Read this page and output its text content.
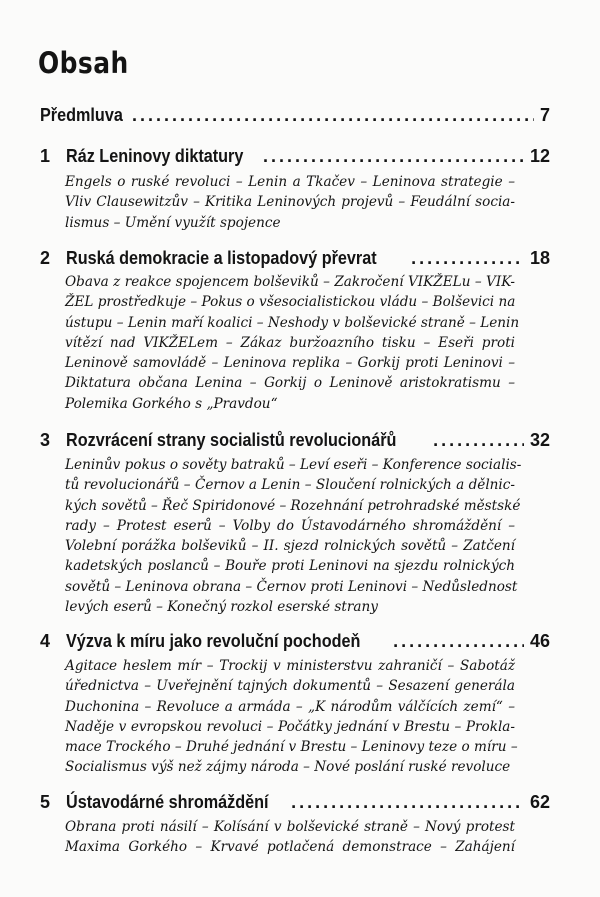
Obsah
Předmluva . . .	7
1 Ráz Leninovy diktatury . . .	12
Engels o ruské revoluci – Lenin a Tkačev – Leninova strategie –
Vliv Clausewitzův – Kritika Leninových projevů – Feudální socia-
lismus – Umění využít spojence
2 Ruská demokracie a listopadový převrat . . .	18
Obava z reakce spojencem bolševiků – Zakročení VIKŽELu – VIK-
ŽEL prostředkuje – Pokus o všesocialistickou vládu – Bolševici na
ústupu – Lenin maří koalici – Neshody v bolševické straně – Lenin
vítězí nad VIKŽELem – Zákaz buržoazního tisku – Eseři proti
Leninově samovládě – Leninova replika – Gorkij proti Leninovi –
Diktatura občana Lenina – Gorkij o Leninově aristokratismu –
Polemika Gorkého s „Pravdou“
3 Rozvrácení strany socialistů revolucionářů . . .	32
Leninův pokus o sověty batraků – Leví eseři – Konference socialis-
tů revolucionářů – Černov a Lenin – Sloučení rolnických a dělnic-
kých sovětů – Řeč Spiridonové – Rozehnání petrohradské městské
rady – Protest eserů – Volby do Ústavodárného shromáždění –
Volební porážka bolševiků – II. sjezd rolnických sovětů – Zatčení
kadetských poslanců – Bouře proti Leninovi na sjezdu rolnických
sovětů – Leninova obrana – Černov proti Leninovi – Nedůslednost
levých eserů – Konečný rozkol eserské strany
4 Výzva k míru jako revoluční pochodeň . . .	46
Agitace heslem mír – Trockij v ministerstvu zahraničí – Sabotáž
úřednictva – Uveřejnění tajných dokumentů – Sesazení generála
Duchonina – Revoluce a armáda – „K národům válčících zemí“ –
Naděje v evropskou revoluci – Počátky jednání v Brestu – Prokla-
mace Trockého – Druhé jednání v Brestu – Leninovy teze o míru –
Socialismus výš než zájmy národa – Nové poslání ruské revoluce
5 Ústavodárné shromáždění . . .	62
Obrana proti násilí – Kolísání v bolševické straně – Nový protest
Maxima Gorkého – Krvavé potlačená demonstrace – Zahájení
